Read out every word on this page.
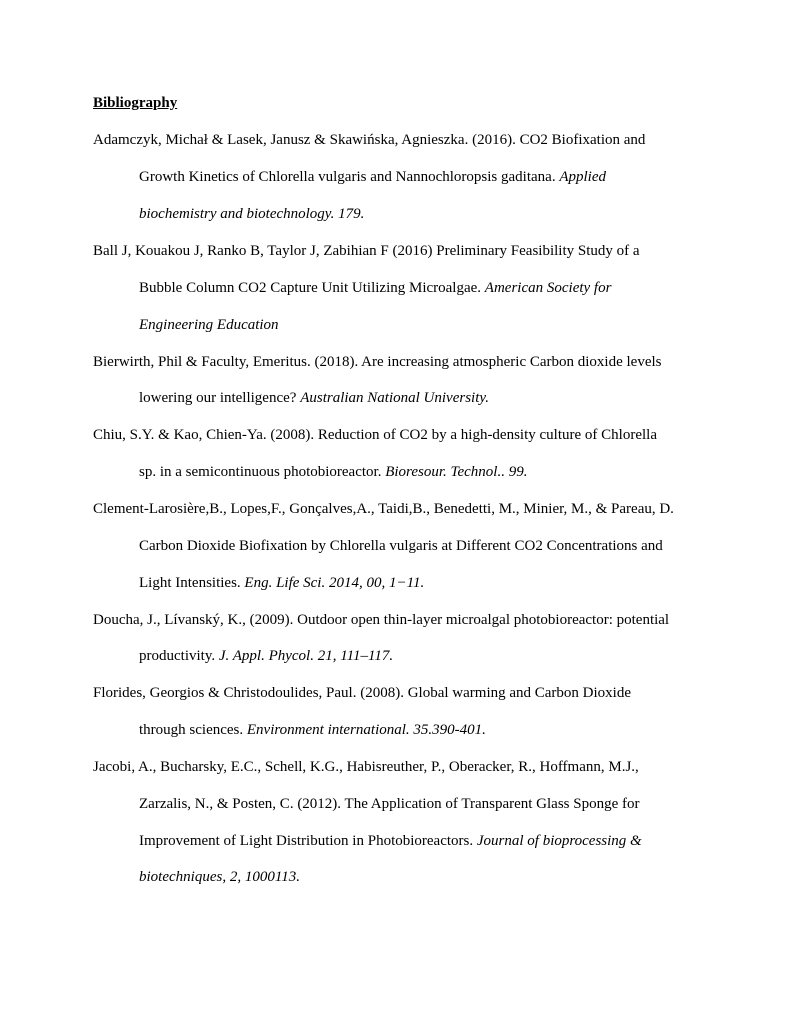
Bibliography
Adamczyk, Michał & Lasek, Janusz & Skawińska, Agnieszka. (2016). CO2 Biofixation and
Growth Kinetics of Chlorella vulgaris and Nannochloropsis gaditana. Applied
biochemistry and biotechnology. 179.
Ball J, Kouakou J, Ranko B, Taylor J, Zabihian F (2016) Preliminary Feasibility Study of a
Bubble Column CO2 Capture Unit Utilizing Microalgae. American Society for
Engineering Education
Bierwirth, Phil & Faculty, Emeritus. (2018). Are increasing atmospheric Carbon dioxide levels
lowering our intelligence? Australian National University.
Chiu, S.Y. & Kao, Chien-Ya. (2008). Reduction of CO2 by a high-density culture of Chlorella
sp. in a semicontinuous photobioreactor. Bioresour. Technol.. 99.
Clement-Larosière,B., Lopes,F., Gonçalves,A., Taidi,B., Benedetti, M., Minier, M., & Pareau, D.
Carbon Dioxide Biofixation by Chlorella vulgaris at Different CO2 Concentrations and
Light Intensities. Eng. Life Sci. 2014, 00, 1−11.
Doucha, J., Lívanský, K., (2009). Outdoor open thin-layer microalgal photobioreactor: potential
productivity. J. Appl. Phycol. 21, 111–117.
Florides, Georgios & Christodoulides, Paul. (2008). Global warming and Carbon Dioxide
through sciences. Environment international. 35.390-401.
Jacobi, A., Bucharsky, E.C., Schell, K.G., Habisreuther, P., Oberacker, R., Hoffmann, M.J.,
Zarzalis, N., & Posten, C. (2012). The Application of Transparent Glass Sponge for
Improvement of Light Distribution in Photobioreactors. Journal of bioprocessing &
biotechniques, 2, 1000113.
